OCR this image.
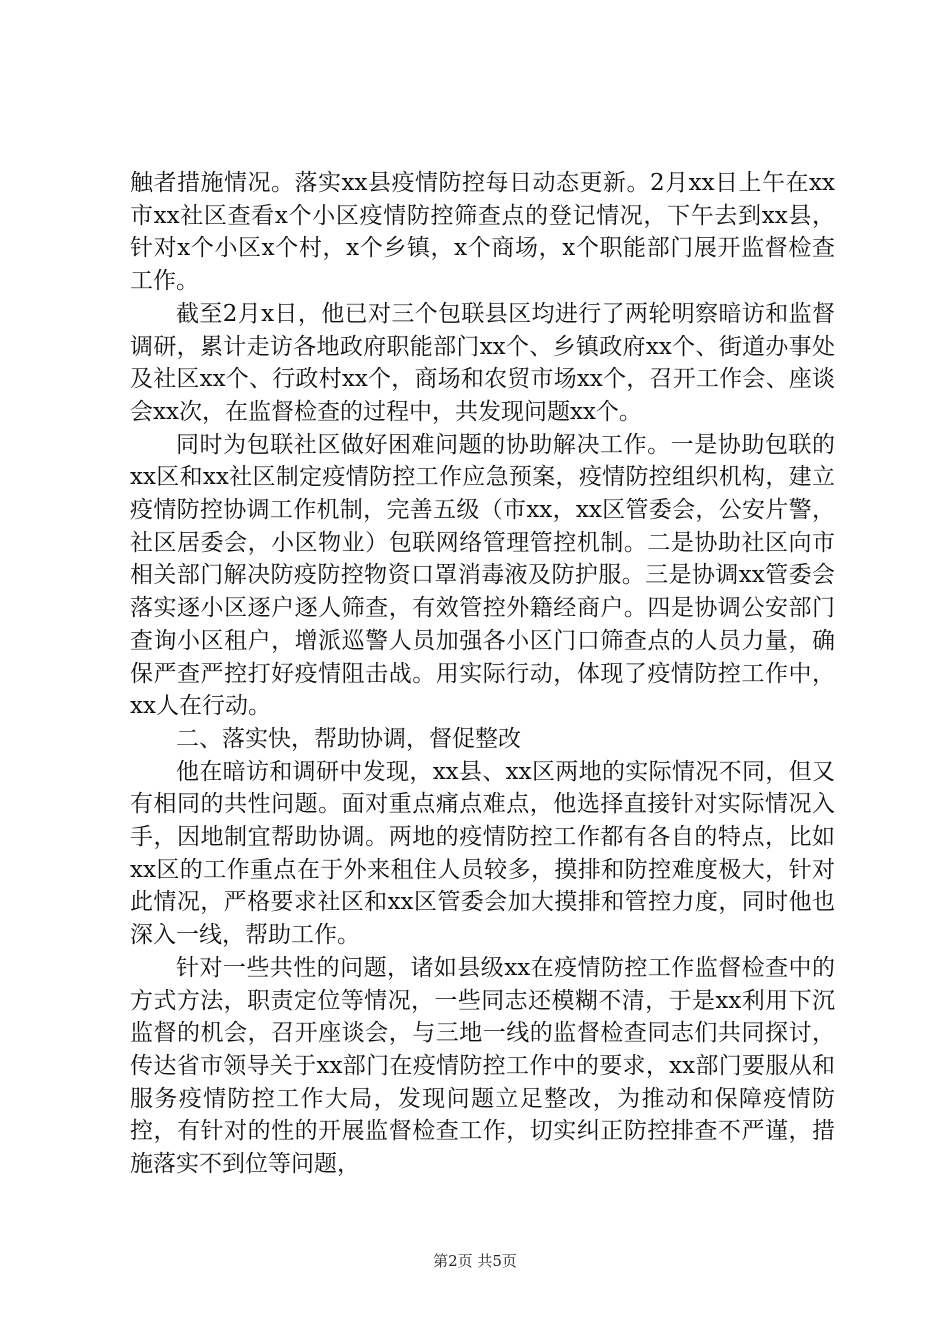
触者措施情况。落实xx县疫情防控每日动态更新。2月xx日上午在xx市xx社区查看x个小区疫情防控筛查点的登记情况，下午去到xx县，针对x个小区x个村，x个乡镇，x个商场，x个职能部门展开监督检查工作。

截至2月x日，他已对三个包联县区均进行了两轮明察暗访和监督调研，累计走访各地政府职能部门xx个、乡镇政府xx个、街道办事处及社区xx个、行政村xx个，商场和农贸市场xx个，召开工作会、座谈会xx次，在监督检查的过程中，共发现问题xx个。

同时为包联社区做好困难问题的协助解决工作。一是协助包联的xx区和xx社区制定疫情防控工作应急预案，疫情防控组织机构，建立疫情防控协调工作机制，完善五级（市xx，xx区管委会，公安片警，社区居委会，小区物业）包联网络管理管控机制。二是协助社区向市相关部门解决防疫防控物资口罩消毒液及防护服。三是协调xx管委会落实逐小区逐户逐人筛查，有效管控外籍经商户。四是协调公安部门查询小区租户，增派巡警人员加强各小区门口筛查点的人员力量，确保严查严控打好疫情阻击战。用实际行动，体现了疫情防控工作中，xx人在行动。

二、落实快，帮助协调，督促整改

他在暗访和调研中发现，xx县、xx区两地的实际情况不同，但又有相同的共性问题。面对重点痛点难点，他选择直接针对实际情况入手，因地制宜帮助协调。两地的疫情防控工作都有各自的特点，比如xx区的工作重点在于外来租住人员较多，摸排和防控难度极大，针对此情况，严格要求社区和xx区管委会加大摸排和管控力度，同时他也深入一线，帮助工作。

针对一些共性的问题，诸如县级xx在疫情防控工作监督检查中的方式方法，职责定位等情况，一些同志还模糊不清，于是xx利用下沉监督的机会，召开座谈会，与三地一线的监督检查同志们共同探讨，传达省市领导关于xx部门在疫情防控工作中的要求，xx部门要服从和服务疫情防控工作大局，发现问题立足整改，为推动和保障疫情防控，有针对的性的开展监督检查工作，切实纠正防控排查不严谨，措施落实不到位等问题，

第2页 共5页
